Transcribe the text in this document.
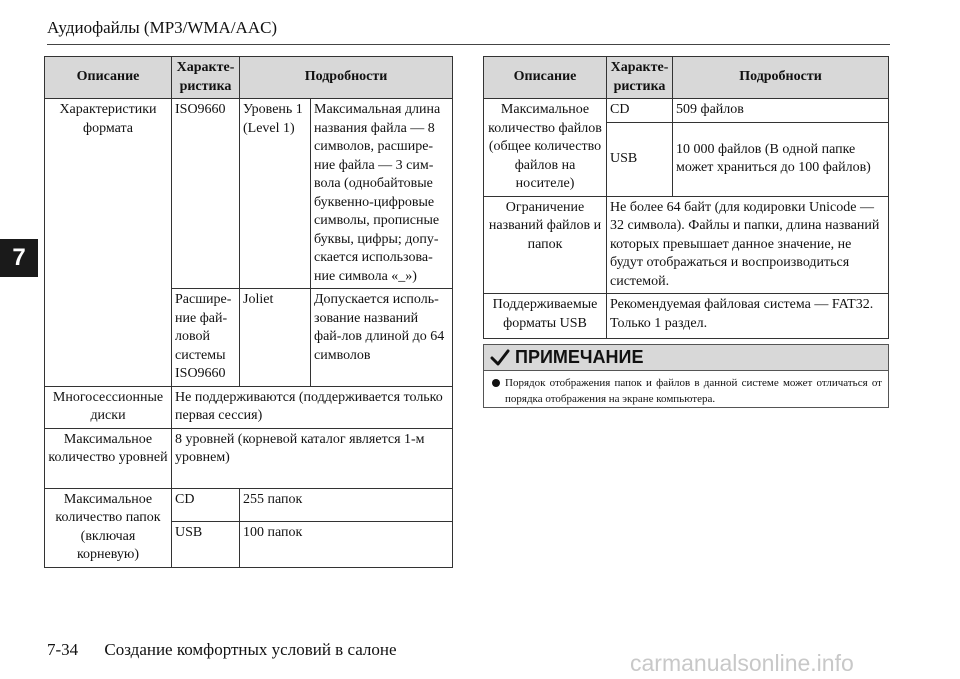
Аудиофайлы (MP3/WMA/AAC)
7
Описание	Характе-ристика	Подробности	
Характеристики формата	ISO9660	Уровень 1 (Level 1)	Максимальная длина названия файла — 8 символов, расшире-ние файла — 3 сим-вола (однобайтовые буквенно-цифровые символы, прописные буквы, цифры; допу-скается использова-ние символа «_»)
	Расшире-ние фай-ловой системы ISO9660	Joliet	Допускается исполь-зование названий фай-лов длиной до 64 символов
Многосессионные диски	Не поддерживаются (поддерживается только первая сессия)		
Максимальное количество уровней	8 уровней (корневой каталог является 1-м уровнем)		
Максимальное количество папок (включая корневую)	CD	255 папок	
	USB	100 папок	
Описание	Характе-ристика	Подробности
Максимальное количество файлов (общее количество файлов на носителе)	CD	509 файлов
	USB	10 000 файлов (В одной папке может храниться до 100 файлов)
Ограничение названий файлов и папок	Не более 64 байт (для кодировки Unicode — 32 символа). Файлы и папки, длина названий которых превышает данное значение, не будут отображаться и воспроизводиться системой.	
Поддерживаемые форматы USB	Рекомендуемая файловая система — FAT32. Только 1 раздел.	
ПРИМЕЧАНИЕ
Порядок отображения папок и файлов в данной системе может отличаться от порядка отображения на экране компьютера.
7-34 Создание комфортных условий в салоне
carmanualsonline.info
